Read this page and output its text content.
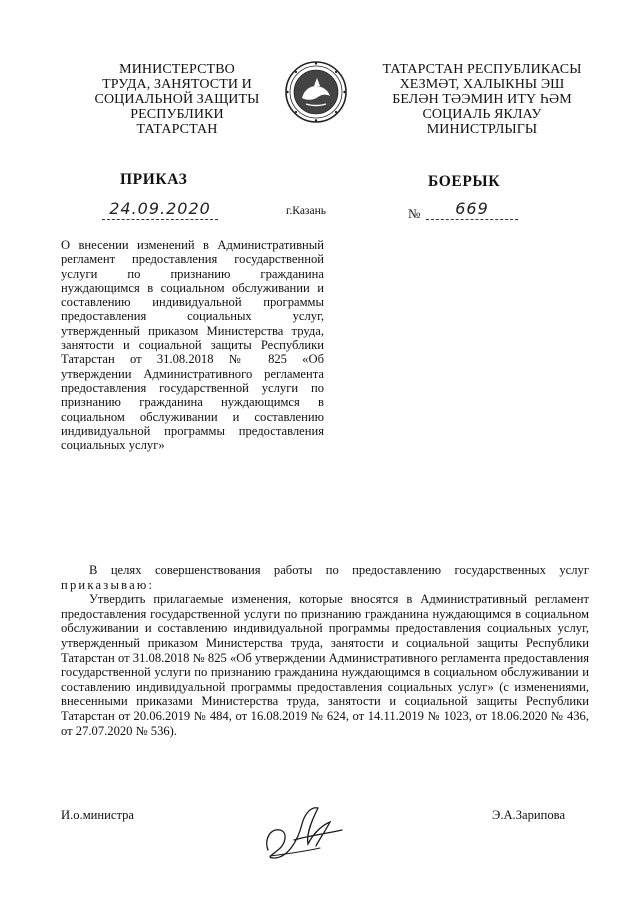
МИНИСТЕРСТВО
ТРУДА, ЗАНЯТОСТИ И
СОЦИАЛЬНОЙ ЗАЩИТЫ
РЕСПУБЛИКИ
ТАТАРСТАН
ТАТАРСТАН РЕСПУБЛИКАСЫ
ХЕЗМӘТ, ХАЛЫКНЫ ЭШ
БЕЛӘН ТӘЭМИН ИТҮ ҺӘМ
СОЦИАЛЬ ЯКЛАУ
МИНИСТРЛЫГЫ
ПРИКАЗ	БОЕРЫК
24.09.2020	г.Казань	№	669
О внесении изменений в Административный регламент предоставления государственной услуги по признанию гражданина нуждающимся в социальном обслуживании и составлению индивидуальной программы предоставления социальных услуг, утвержденный приказом Министерства труда, занятости и социальной защиты Республики Татарстан от 31.08.2018 № 825 «Об утверждении Административного регламента предоставления государственной услуги по признанию гражданина нуждающимся в социальном обслуживании и составлению индивидуальной программы предоставления социальных услуг»

В целях совершенствования работы по предоставлению государственных услуг приказываю:

Утвердить прилагаемые изменения, которые вносятся в Административный регламент предоставления государственной услуги по признанию гражданина нуждающимся в социальном обслуживании и составлению индивидуальной программы предоставления социальных услуг, утвержденный приказом Министерства труда, занятости и социальной защиты Республики Татарстан от 31.08.2018 № 825 «Об утверждении Административного регламента предоставления государственной услуги по признанию гражданина нуждающимся в социальном обслуживании и составлению индивидуальной программы предоставления социальных услуг» (с изменениями, внесенными приказами Министерства труда, занятости и социальной защиты Республики Татарстан от 20.06.2019 № 484, от 16.08.2019 № 624, от 14.11.2019 № 1023, от 18.06.2020 № 436, от 27.07.2020 № 536).

И.о.министра	Э.А.Зарипова
